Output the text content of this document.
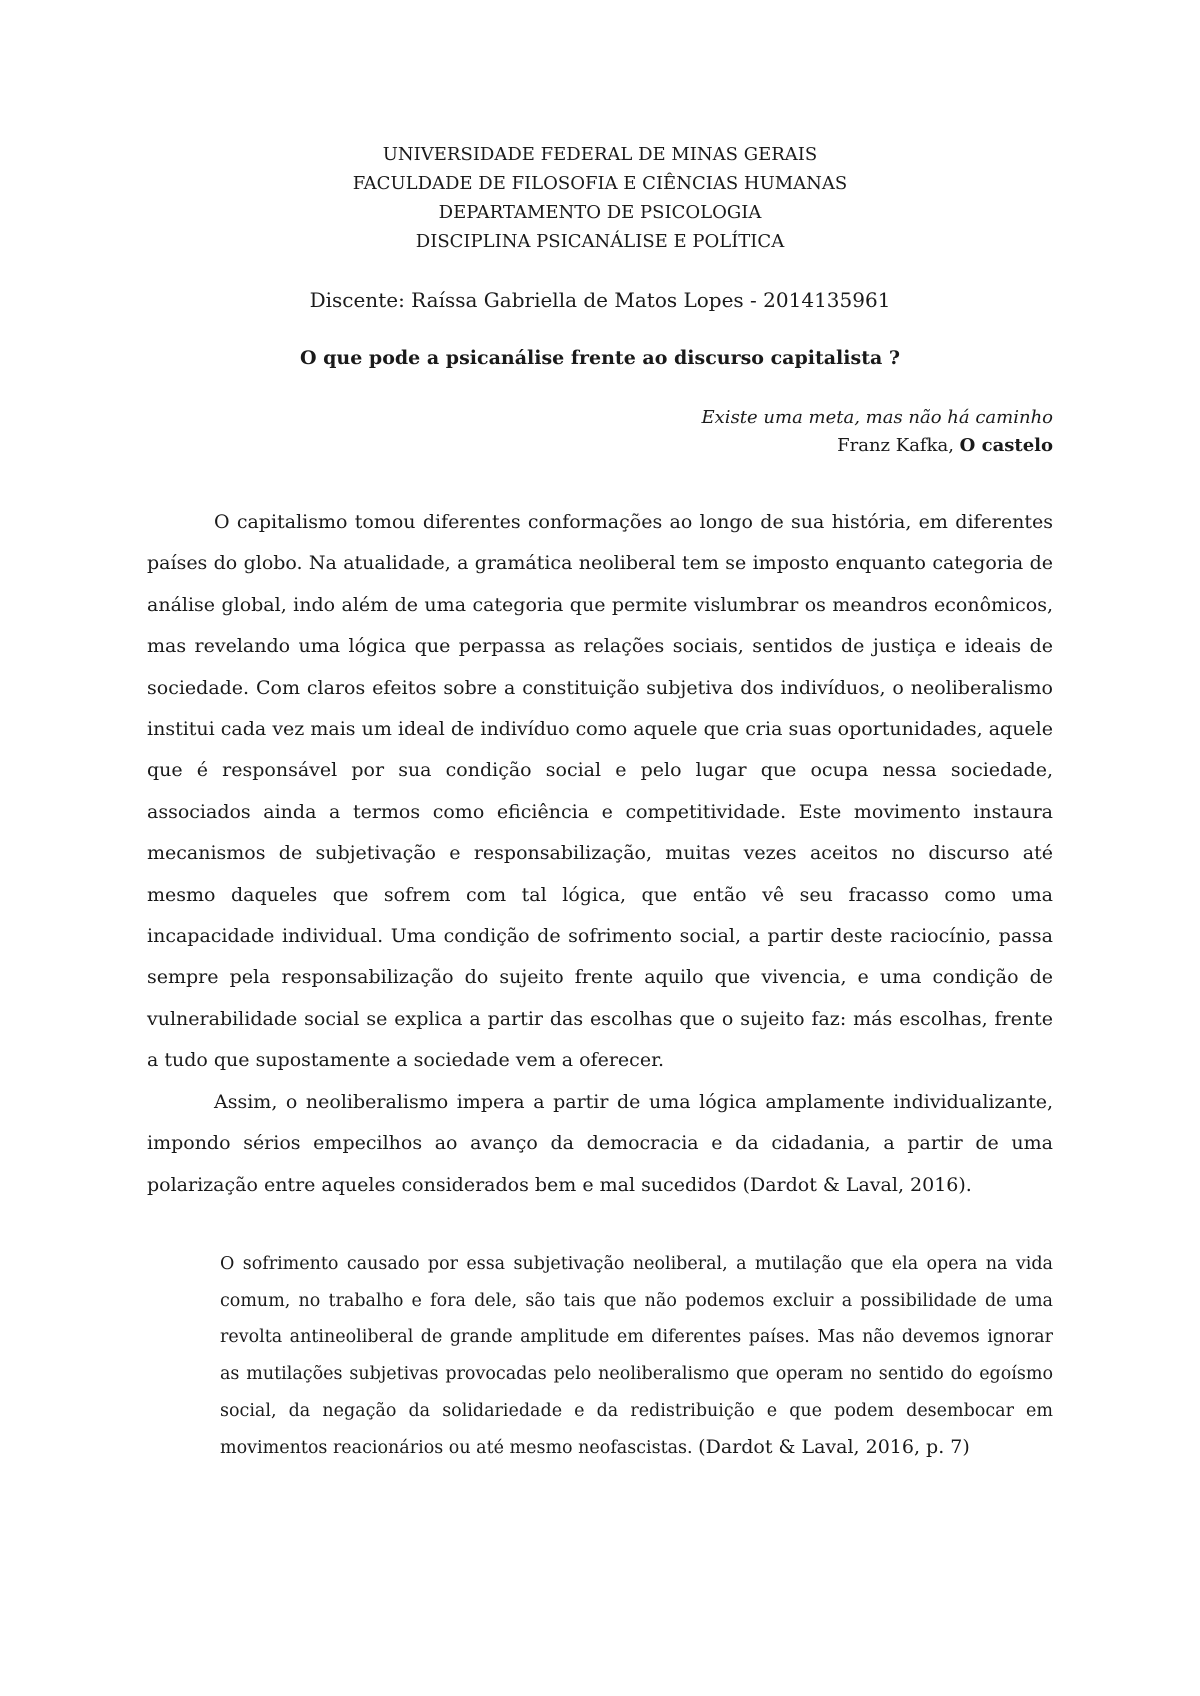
UNIVERSIDADE FEDERAL DE MINAS GERAIS
FACULDADE DE FILOSOFIA E CIÊNCIAS HUMANAS
DEPARTAMENTO DE PSICOLOGIA
DISCIPLINA PSICANÁLISE E POLÍTICA
Discente: Raíssa Gabriella de Matos Lopes - 2014135961
O que pode a psicanálise frente ao discurso capitalista ?
Existe uma meta, mas não há caminho
Franz Kafka, O castelo

O capitalismo tomou diferentes conformações ao longo de sua história, em diferentes países do globo. Na atualidade, a gramática neoliberal tem se imposto enquanto categoria de análise global, indo além de uma categoria que permite vislumbrar os meandros econômicos, mas revelando uma lógica que perpassa as relações sociais, sentidos de justiça e ideais de sociedade. Com claros efeitos sobre a constituição subjetiva dos indivíduos, o neoliberalismo institui cada vez mais um ideal de indivíduo como aquele que cria suas oportunidades, aquele que é responsável por sua condição social e pelo lugar que ocupa nessa sociedade, associados ainda a termos como eficiência e competitividade. Este movimento instaura mecanismos de subjetivação e responsabilização, muitas vezes aceitos no discurso até mesmo daqueles que sofrem com tal lógica, que então vê seu fracasso como uma incapacidade individual. Uma condição de sofrimento social, a partir deste raciocínio, passa sempre pela responsabilização do sujeito frente aquilo que vivencia, e uma condição de vulnerabilidade social se explica a partir das escolhas que o sujeito faz: más escolhas, frente a tudo que supostamente a sociedade vem a oferecer.

Assim, o neoliberalismo impera a partir de uma lógica amplamente individualizante, impondo sérios empecilhos ao avanço da democracia e da cidadania, a partir de uma polarização entre aqueles considerados bem e mal sucedidos (Dardot & Laval, 2016).

O sofrimento causado por essa subjetivação neoliberal, a mutilação que ela opera na vida comum, no trabalho e fora dele, são tais que não podemos excluir a possibilidade de uma revolta antineoliberal de grande amplitude em diferentes países. Mas não devemos ignorar as mutilações subjetivas provocadas pelo neoliberalismo que operam no sentido do egoísmo social, da negação da solidariedade e da redistribuição e que podem desembocar em movimentos reacionários ou até mesmo neofascistas. (Dardot & Laval, 2016, p. 7)
